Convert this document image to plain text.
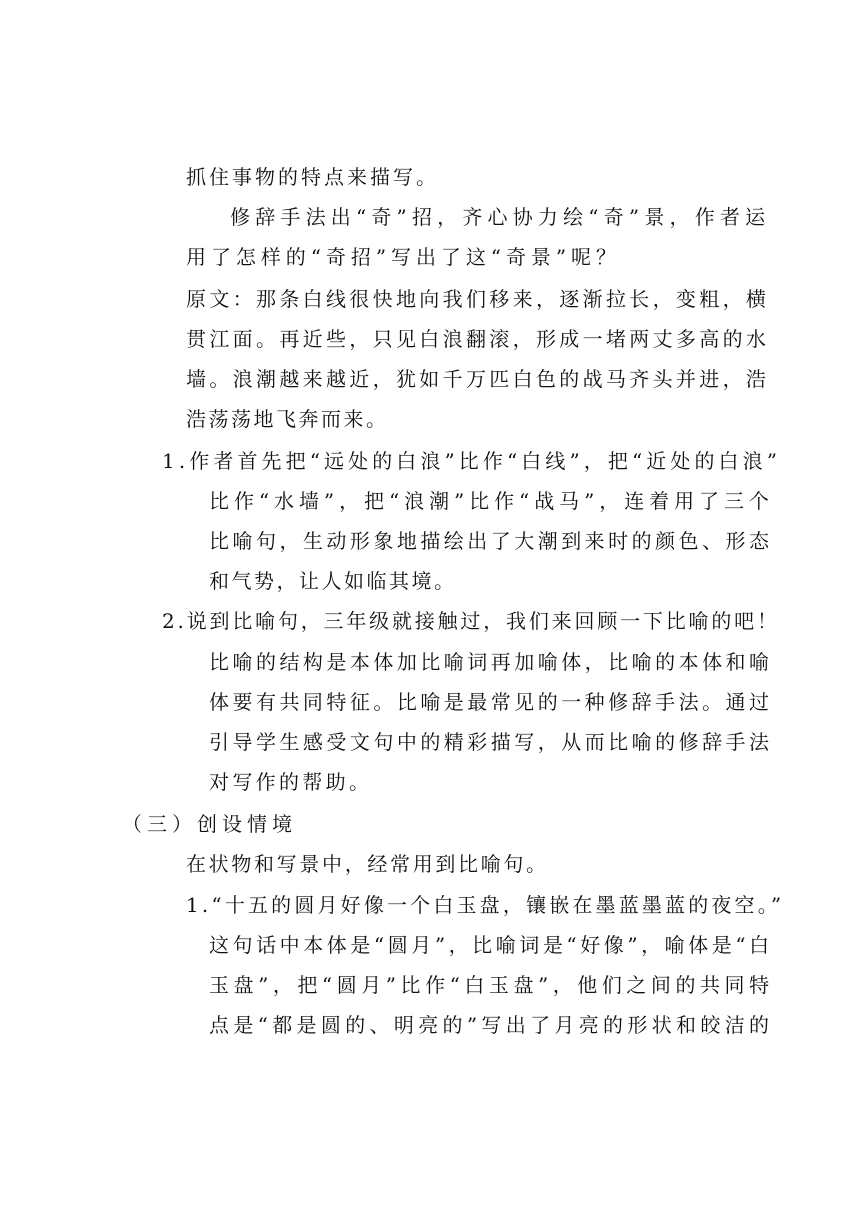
抓住事物的特点来描写。
修辞手法出“奇”招，齐心协力绘“奇”景，作者运
用了怎样的“奇招”写出了这“奇景”呢？
原文：那条白线很快地向我们移来，逐渐拉长，变粗，横
贯江面。再近些，只见白浪翻滚，形成一堵两丈多高的水
墙。浪潮越来越近，犹如千万匹白色的战马齐头并进，浩
浩荡荡地飞奔而来。
1.作者首先把“远处的白浪”比作“白线”，把“近处的白浪”
比作“水墙”，把“浪潮”比作“战马”，连着用了三个
比喻句，生动形象地描绘出了大潮到来时的颜色、形态
和气势，让人如临其境。
2.说到比喻句，三年级就接触过，我们来回顾一下比喻的吧！
比喻的结构是本体加比喻词再加喻体，比喻的本体和喻
体要有共同特征。比喻是最常见的一种修辞手法。通过
引导学生感受文句中的精彩描写，从而比喻的修辞手法
对写作的帮助。
（三）创设情境
在状物和写景中，经常用到比喻句。
1.“十五的圆月好像一个白玉盘，镶嵌在墨蓝墨蓝的夜空。”
这句话中本体是“圆月”，比喻词是“好像”，喻体是“白
玉盘”，把“圆月”比作“白玉盘”，他们之间的共同特
点是“都是圆的、明亮的”写出了月亮的形状和皎洁的
